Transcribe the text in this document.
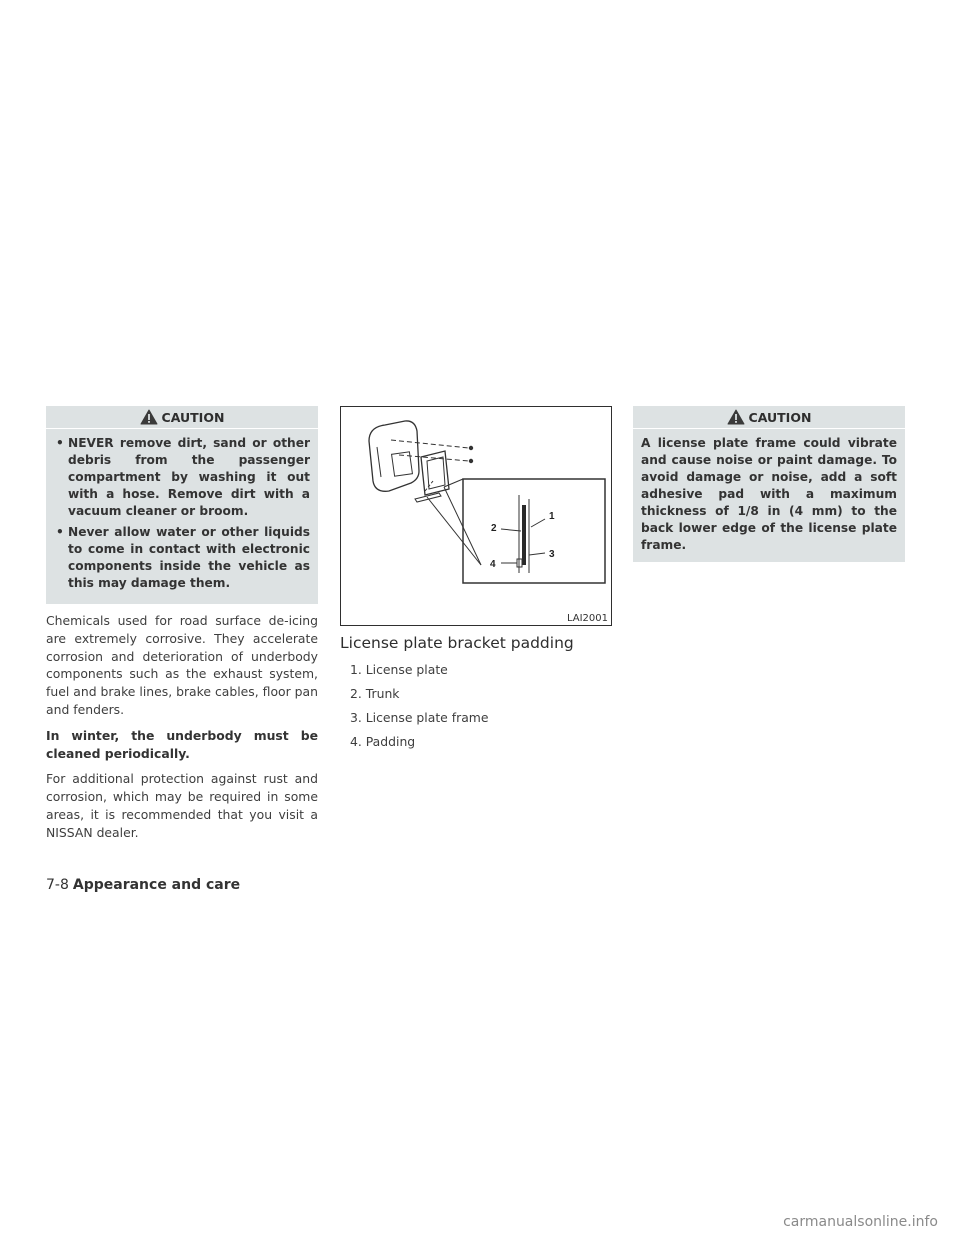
CAUTION
• NEVER remove dirt, sand or other debris from the passenger compartment by washing it out with a hose. Remove dirt with a vacuum cleaner or broom.
• Never allow water or other liquids to come in contact with electronic components inside the vehicle as this may damage them.

Chemicals used for road surface de-icing are extremely corrosive. They accelerate corrosion and deterioration of underbody components such as the exhaust system, fuel and brake lines, brake cables, floor pan and fenders.

In winter, the underbody must be cleaned periodically.

For additional protection against rust and corrosion, which may be required in some areas, it is recommended that you visit a NISSAN dealer.

1
2
3
4
LAI2001
License plate bracket padding
1. License plate
2. Trunk
3. License plate frame
4. Padding
CAUTION
A license plate frame could vibrate and cause noise or paint damage. To avoid damage or noise, add a soft adhesive pad with a maximum thickness of 1/8 in (4 mm) to the back lower edge of the license plate frame.
7-8 Appearance and care
carmanualsonline.info
